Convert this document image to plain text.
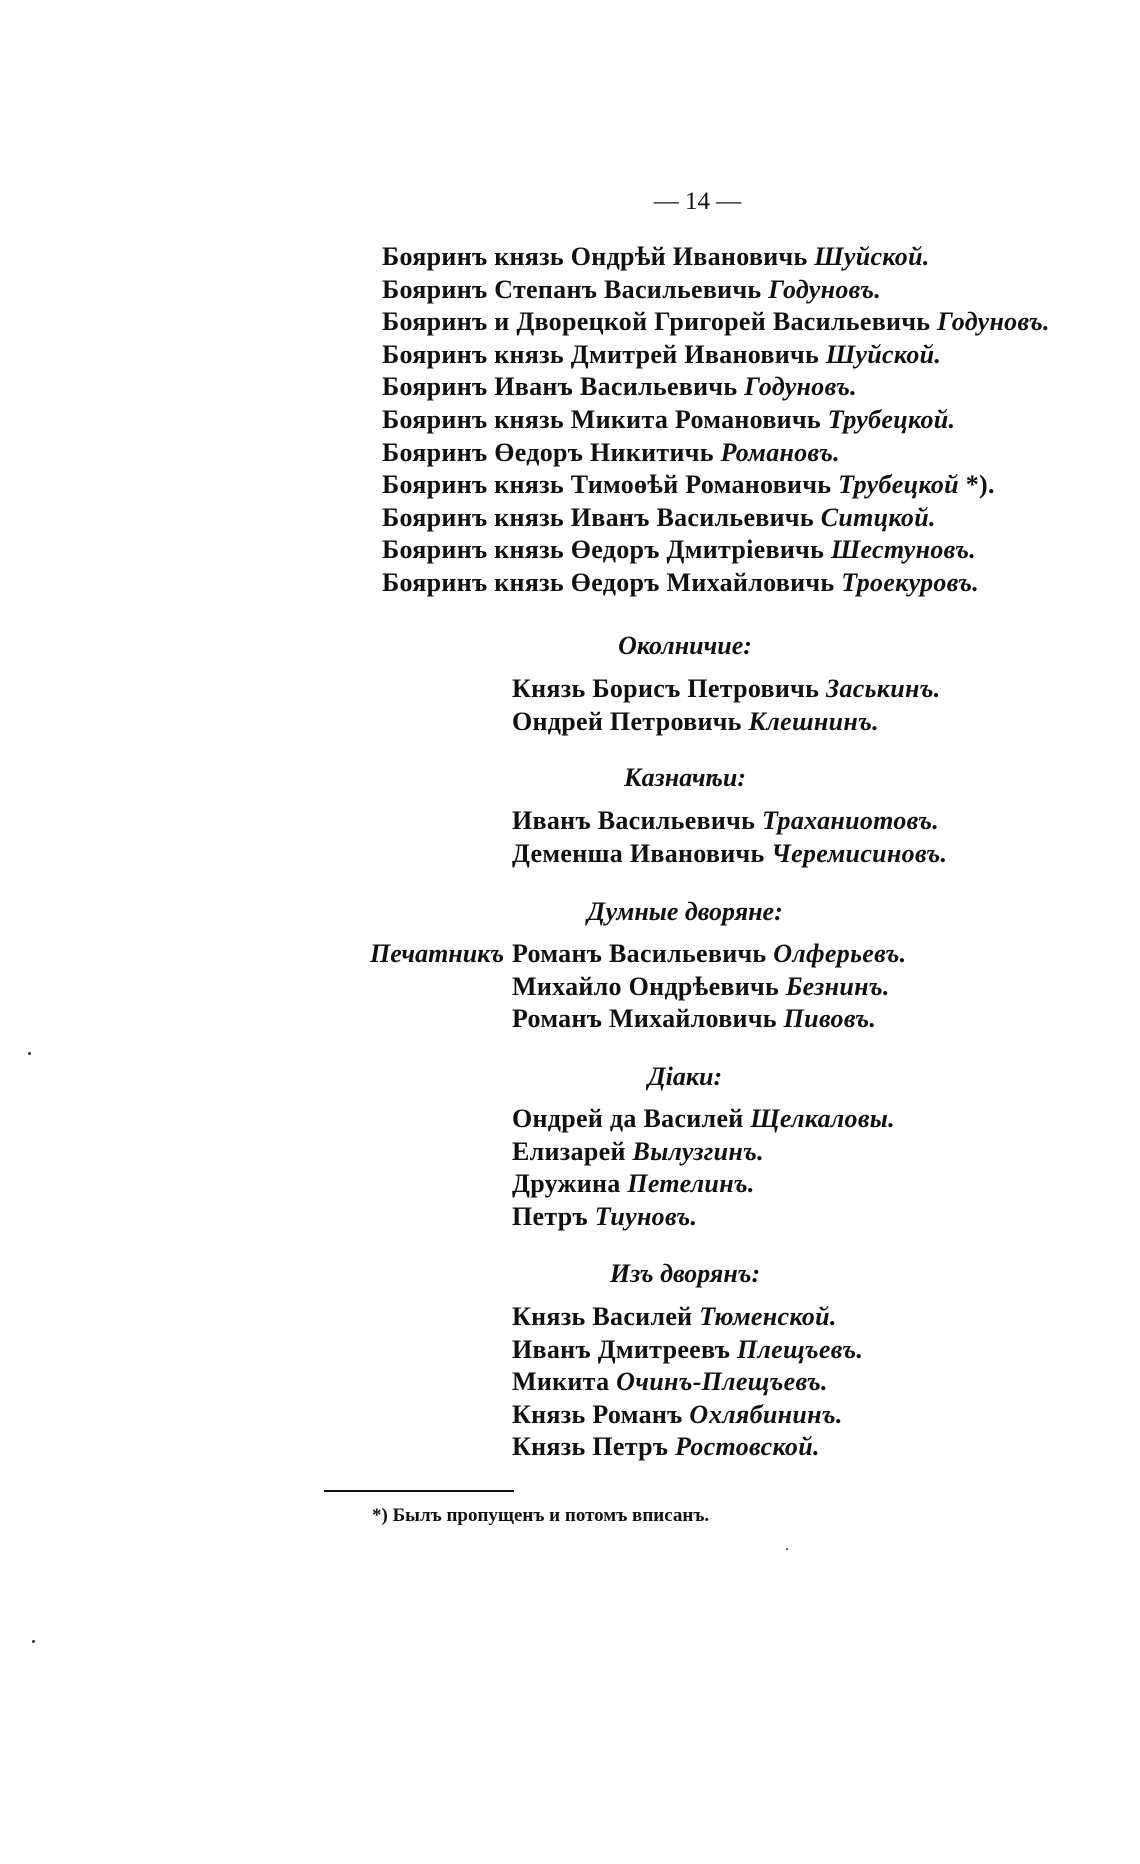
— 14 —
Бояринъ князь Ондрѣй Ивановичь Шуйской.
Бояринъ Степанъ Васильевичь Годуновъ.
Бояринъ и Дворецкой Григорей Васильевичь Годуновъ.
Бояринъ князь Дмитрей Ивановичь Шуйской.
Бояринъ Иванъ Васильевичь Годуновъ.
Бояринъ князь Микита Романовичь Трубецкой.
Бояринъ Өедоръ Никитичь Романовъ.
Бояринъ князь Тимоөѣй Романовичь Трубецкой *).
Бояринъ князь Иванъ Васильевичь Ситцкой.
Бояринъ князь Өедоръ Дмитріевичь Шестуновъ.
Бояринъ князь Өедоръ Михайловичь Троекуровъ.
Околничие:
Князь Борисъ Петровичь Заськинъ.
Ондрей Петровичь Клешнинъ.
Казначѣи:
Иванъ Васильевичь Траханиотовъ.
Деменша Ивановичь Черемисиновъ.
Думные дворяне:
Печатникъ Романъ Васильевичь Олферьевъ.
Михайло Ондрѣевичь Безнинъ.
Романъ Михайловичь Пивовъ.
Діаки:
Ондрей да Василей Щелкаловы.
Елизарей Вылузгинъ.
Дружина Петелинъ.
Петръ Тиуновъ.
Изъ дворянъ:
Князь Василей Тюменской.
Иванъ Дмитреевъ Плещъевъ.
Микита Очинъ-Плещъевъ.
Князь Романъ Охлябининъ.
Князь Петръ Ростовской.
*) Былъ пропущенъ и потомъ вписанъ.
